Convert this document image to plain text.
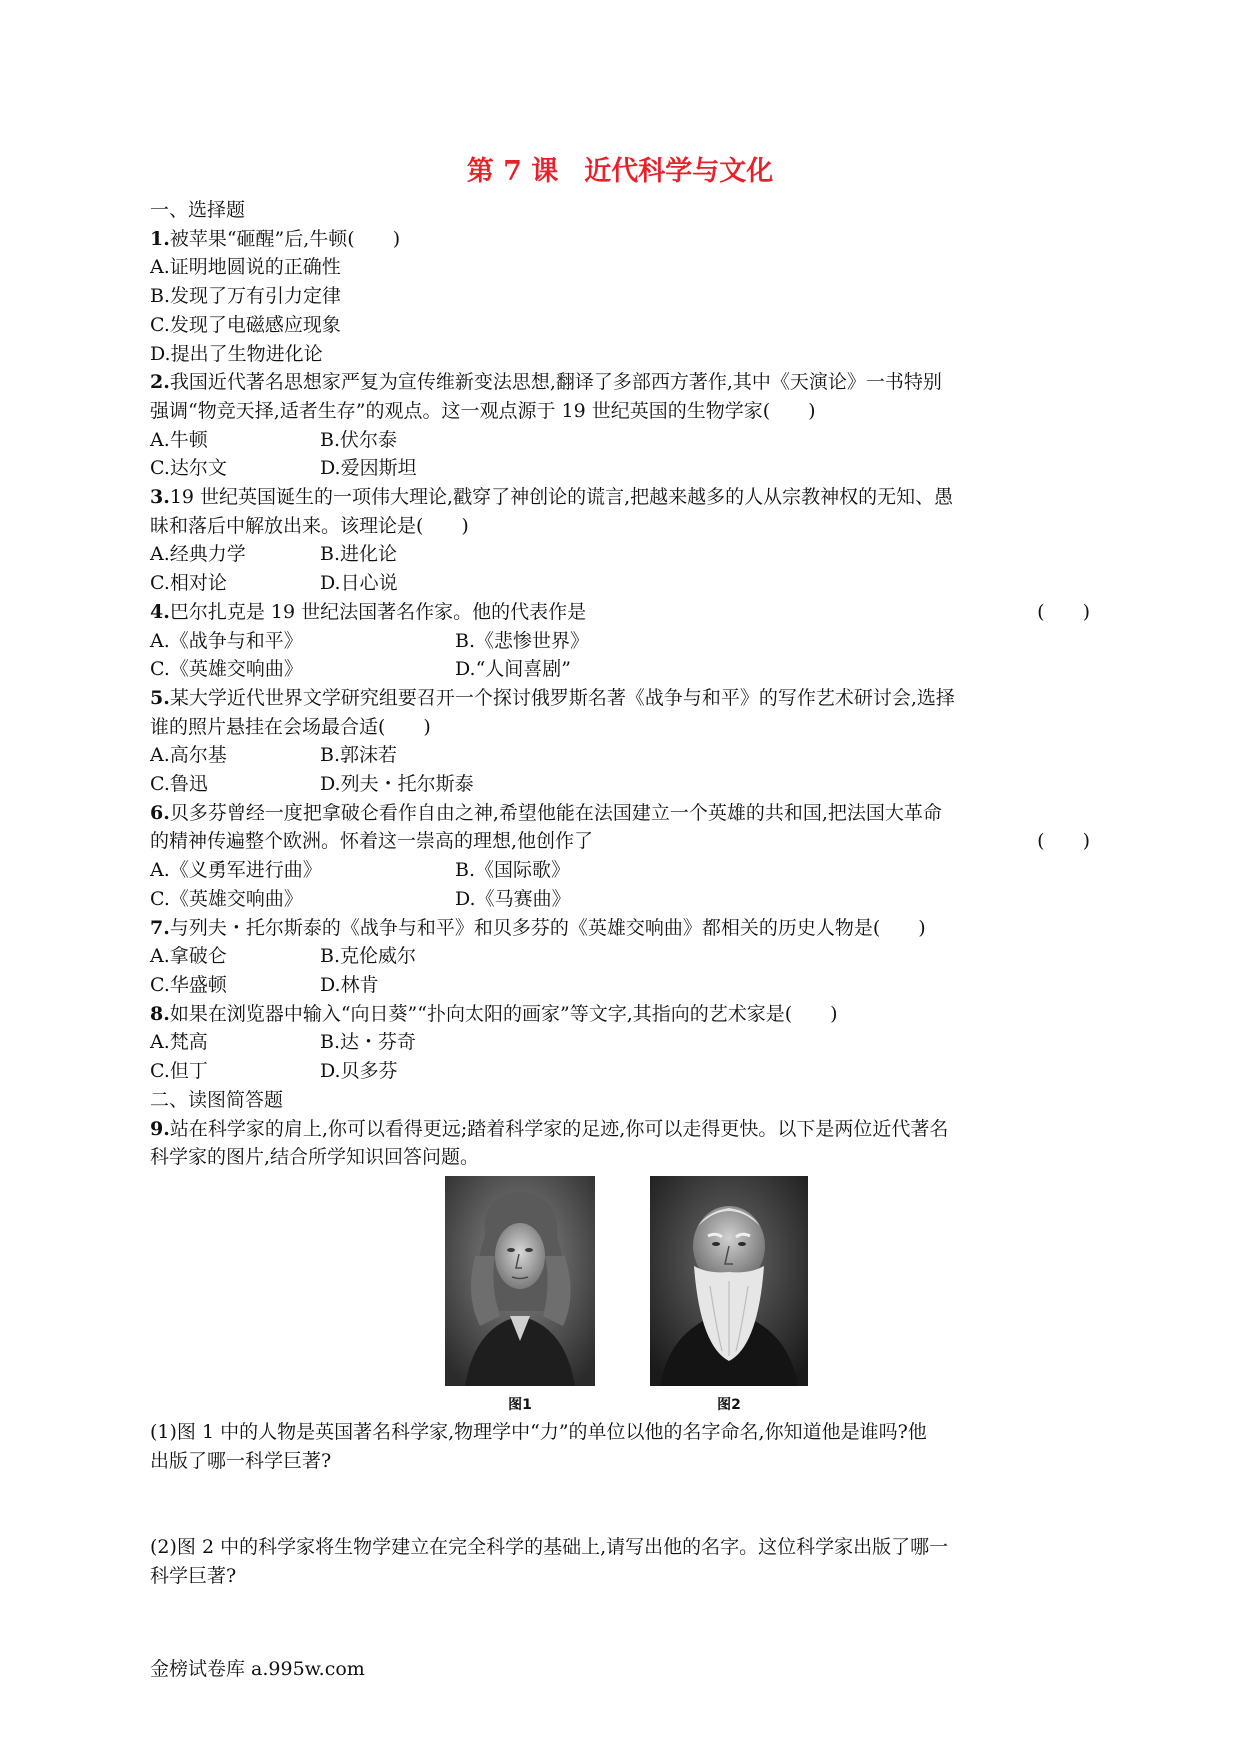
第 7 课 近代科学与文化
一、选择题
1.被苹果“砸醒”后,牛顿(　　)
A.证明地圆说的正确性
B.发现了万有引力定律
C.发现了电磁感应现象
D.提出了生物进化论
2.我国近代著名思想家严复为宣传维新变法思想,翻译了多部西方著作,其中《天演论》一书特别
强调“物竞天择,适者生存”的观点。这一观点源于 19 世纪英国的生物学家(　　)
A.牛顿	B.伏尔泰
C.达尔文	D.爱因斯坦
3.19 世纪英国诞生的一项伟大理论,戳穿了神创论的谎言,把越来越多的人从宗教神权的无知、愚
昧和落后中解放出来。该理论是(　　)
A.经典力学	B.进化论
C.相对论	D.日心说
4.巴尔扎克是 19 世纪法国著名作家。他的代表作是	(　　)
A.《战争与和平》	B.《悲惨世界》
C.《英雄交响曲》	D.“人间喜剧”
5.某大学近代世界文学研究组要召开一个探讨俄罗斯名著《战争与和平》的写作艺术研讨会,选择
谁的照片悬挂在会场最合适(　　)
A.高尔基	B.郭沫若
C.鲁迅	D.列夫・托尔斯泰
6.贝多芬曾经一度把拿破仑看作自由之神,希望他能在法国建立一个英雄的共和国,把法国大革命
的精神传遍整个欧洲。怀着这一崇高的理想,他创作了	(　　)
A.《义勇军进行曲》	B.《国际歌》
C.《英雄交响曲》	D.《马赛曲》
7.与列夫・托尔斯泰的《战争与和平》和贝多芬的《英雄交响曲》都相关的历史人物是(　　)
A.拿破仑	B.克伦威尔
C.华盛顿	D.林肯
8.如果在浏览器中输入“向日葵”“扑向太阳的画家”等文字,其指向的艺术家是(　　)
A.梵高	B.达・芬奇
C.但丁	D.贝多芬
二、读图简答题
9.站在科学家的肩上,你可以看得更远;踏着科学家的足迹,你可以走得更快。以下是两位近代著名
科学家的图片,结合所学知识回答问题。
图1	图2
(1)图 1 中的人物是英国著名科学家,物理学中“力”的单位以他的名字命名,你知道他是谁吗?他
出版了哪一科学巨著?
(2)图 2 中的科学家将生物学建立在完全科学的基础上,请写出他的名字。这位科学家出版了哪一
科学巨著?
金榜试卷库 a.995w.com
